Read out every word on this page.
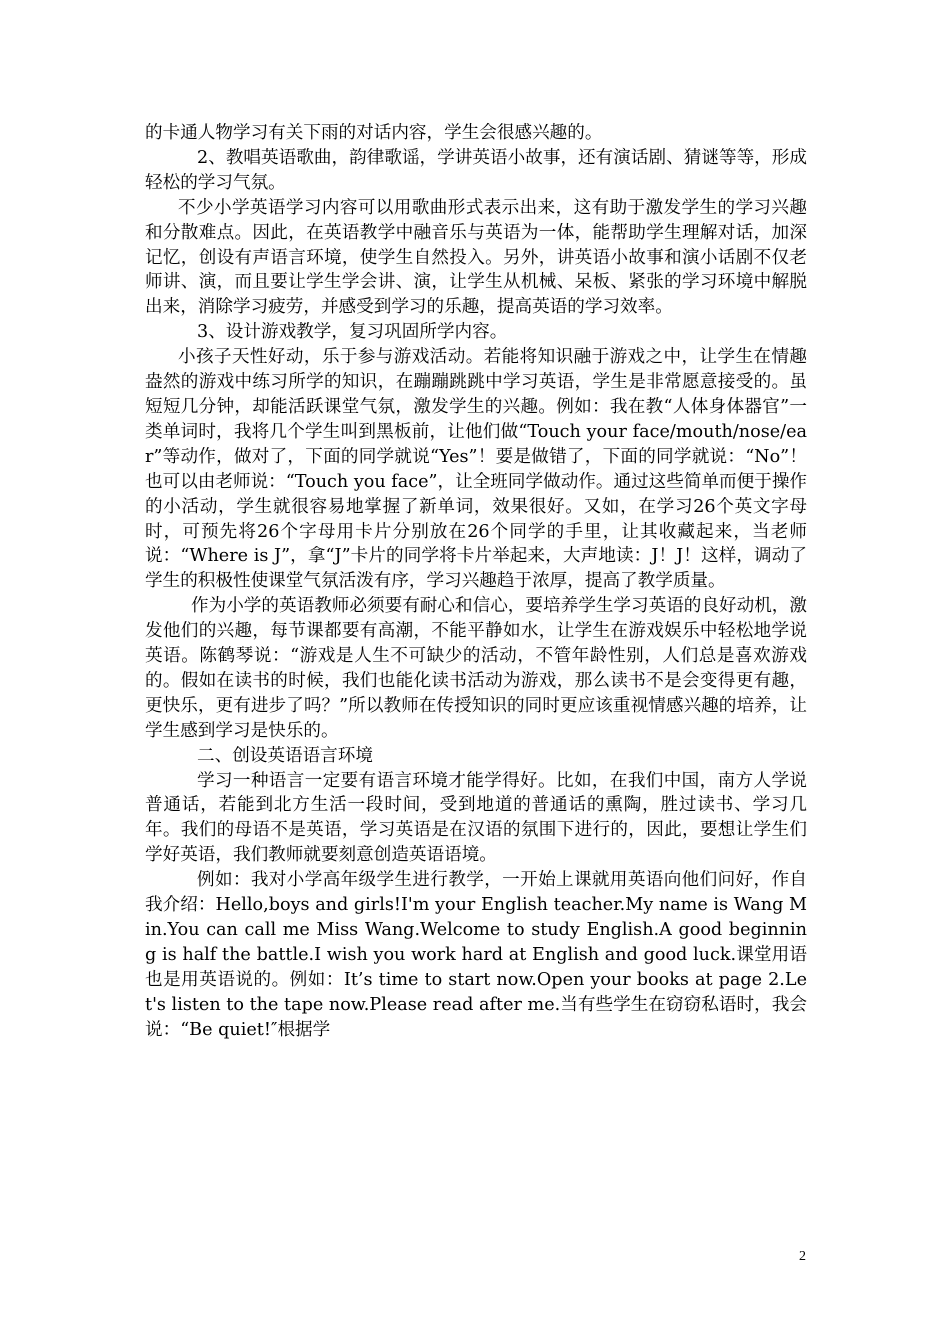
的卡通人物学习有关下雨的对话内容，学生会很感兴趣的。

2、教唱英语歌曲，韵律歌谣，学讲英语小故事，还有演话剧、猜谜等等，形成轻松的学习气氛。

不少小学英语学习内容可以用歌曲形式表示出来，这有助于激发学生的学习兴趣和分散难点。因此，在英语教学中融音乐与英语为一体，能帮助学生理解对话，加深记忆，创设有声语言环境，使学生自然投入。另外，讲英语小故事和演小话剧不仅老师讲、演，而且要让学生学会讲、演，让学生从机械、呆板、紧张的学习环境中解脱出来，消除学习疲劳，并感受到学习的乐趣，提高英语的学习效率。

3、设计游戏教学，复习巩固所学内容。

小孩子天性好动，乐于参与游戏活动。若能将知识融于游戏之中，让学生在情趣盎然的游戏中练习所学的知识，在蹦蹦跳跳中学习英语，学生是非常愿意接受的。虽短短几分钟，却能活跃课堂气氛，激发学生的兴趣。例如：我在教“人体身体器官”一类单词时，我将几个学生叫到黑板前，让他们做“Touch your face/mouth/nose/ear”等动作，做对了，下面的同学就说“Yes”！要是做错了，下面的同学就说：“No”！也可以由老师说：“Touch you face”，让全班同学做动作。通过这些简单而便于操作的小活动，学生就很容易地掌握了新单词，效果很好。又如，在学习26个英文字母时，可预先将26个字母用卡片分别放在26个同学的手里，让其收藏起来，当老师说：“Where is J”，拿“J”卡片的同学将卡片举起来，大声地读：J！J！这样，调动了学生的积极性使课堂气氛活泼有序，学习兴趣趋于浓厚，提高了教学质量。

作为小学的英语教师必须要有耐心和信心，要培养学生学习英语的良好动机，激发他们的兴趣，每节课都要有高潮，不能平静如水，让学生在游戏娱乐中轻松地学说英语。陈鹤琴说：“游戏是人生不可缺少的活动，不管年龄性别，人们总是喜欢游戏的。假如在读书的时候，我们也能化读书活动为游戏，那么读书不是会变得更有趣，更快乐，更有进步了吗？”所以教师在传授知识的同时更应该重视情感兴趣的培养，让学生感到学习是快乐的。

二、创设英语语言环境

学习一种语言一定要有语言环境才能学得好。比如，在我们中国，南方人学说普通话，若能到北方生活一段时间，受到地道的普通话的熏陶，胜过读书、学习几年。我们的母语不是英语，学习英语是在汉语的氛围下进行的，因此，要想让学生们学好英语，我们教师就要刻意创造英语语境。

例如：我对小学高年级学生进行教学，一开始上课就用英语向他们问好，作自我介绍：Hello,boys and girls!I'm your English teacher.My name is Wang Min.You can call me Miss Wang.Welcome to study English.A good beginning is half the battle.I wish you work hard at English and good luck.课堂用语也是用英语说的。例如：It’s time to start now.Open your books at page 2.Let's listen to the tape now.Please read after me.当有些学生在窃窃私语时，我会说：“Be quiet!″根据学

2
